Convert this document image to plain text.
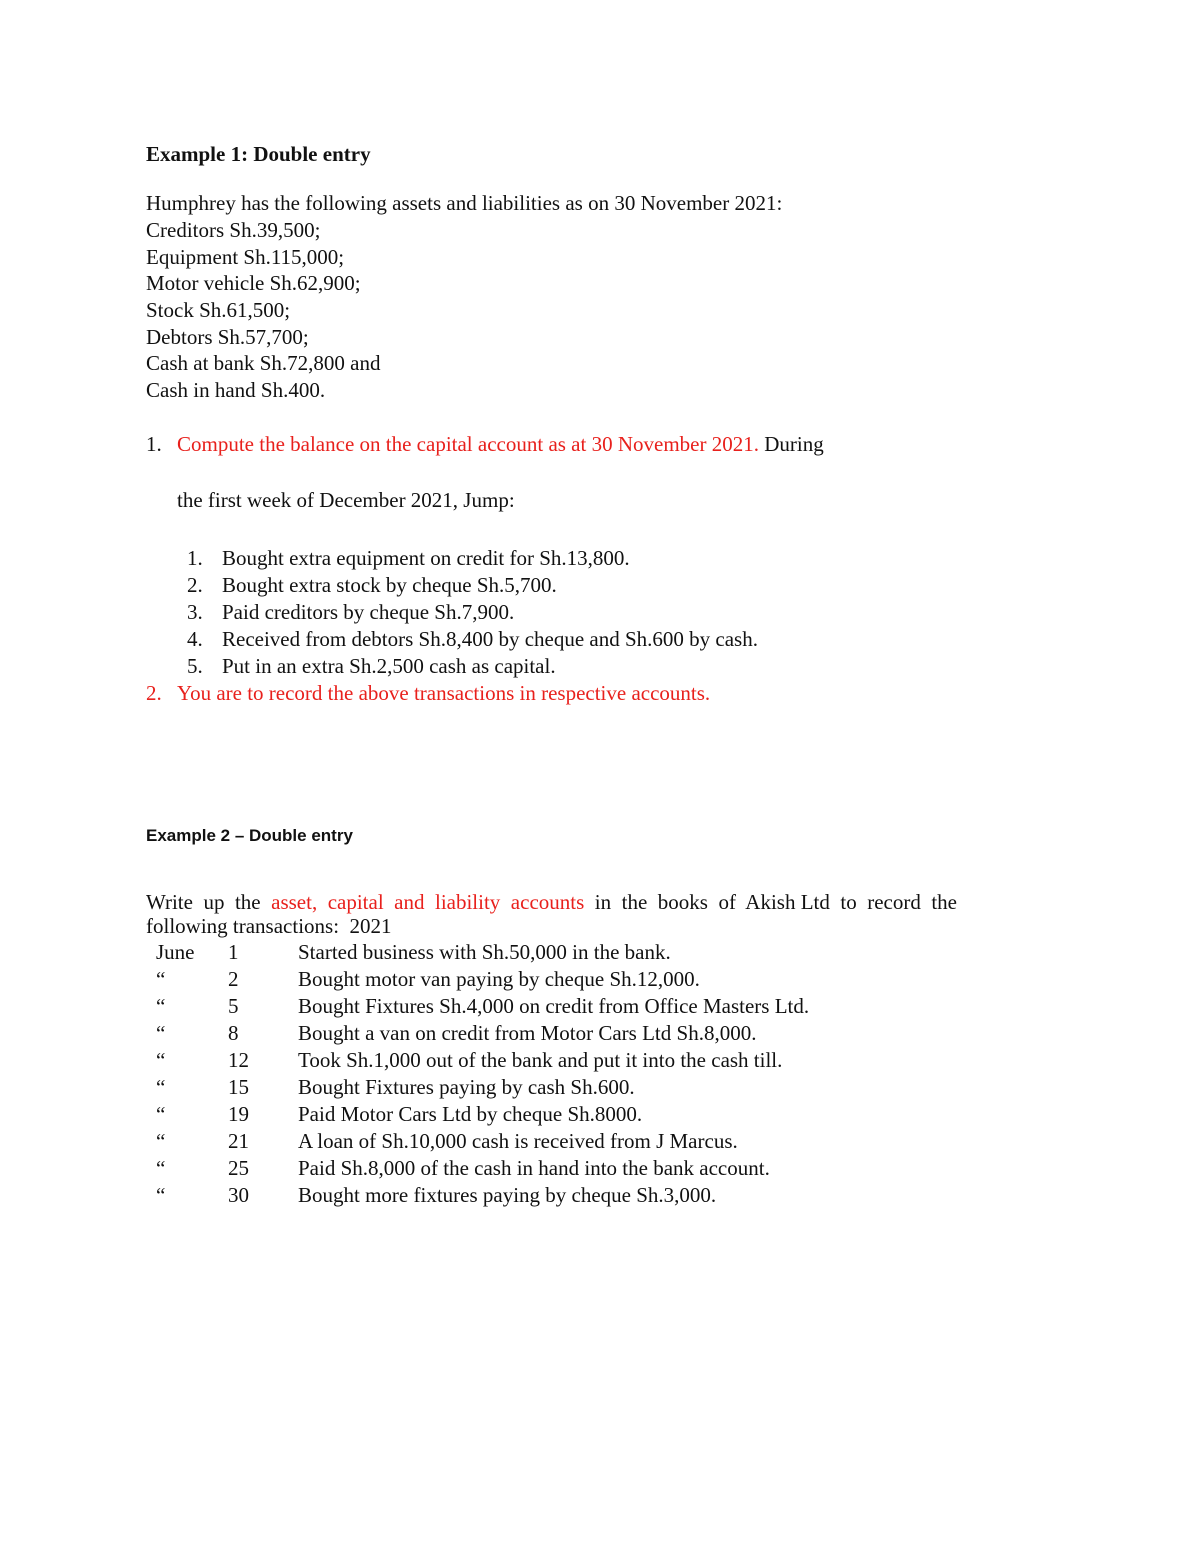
Example 1: Double entry
Humphrey has the following assets and liabilities as on 30 November 2021:
Creditors Sh.39,500;
Equipment Sh.115,000;
Motor vehicle Sh.62,900;
Stock Sh.61,500;
Debtors Sh.57,700;
Cash at bank Sh.72,800 and
Cash in hand Sh.400.
1. Compute the balance on the capital account as at 30 November 2021. During
the first week of December 2021, Jump:
1. Bought extra equipment on credit for Sh.13,800.
2. Bought extra stock by cheque Sh.5,700.
3. Paid creditors by cheque Sh.7,900.
4. Received from debtors Sh.8,400 by cheque and Sh.600 by cash.
5. Put in an extra Sh.2,500 cash as capital.
2. You are to record the above transactions in respective accounts.
Example 2 – Double entry
Write  up  the  asset,  capital  and  liability  accounts  in  the  books  of  Akish Ltd  to  record  the
following transactions:  2021
June 1	Started business with Sh.50,000 in the bank.
“	2	Bought motor van paying by cheque Sh.12,000.
“	5	Bought Fixtures Sh.4,000 on credit from Office Masters Ltd.
“	8	Bought a van on credit from Motor Cars Ltd Sh.8,000.
“	12 Took Sh.1,000 out of the bank and put it into the cash till.
“	15 Bought Fixtures paying by cash Sh.600.
“	19 Paid Motor Cars Ltd by cheque Sh.8000.
“	21 A loan of Sh.10,000 cash is received from J Marcus.
“	25 Paid Sh.8,000 of the cash in hand into the bank account.
“	30 Bought more fixtures paying by cheque Sh.3,000.
